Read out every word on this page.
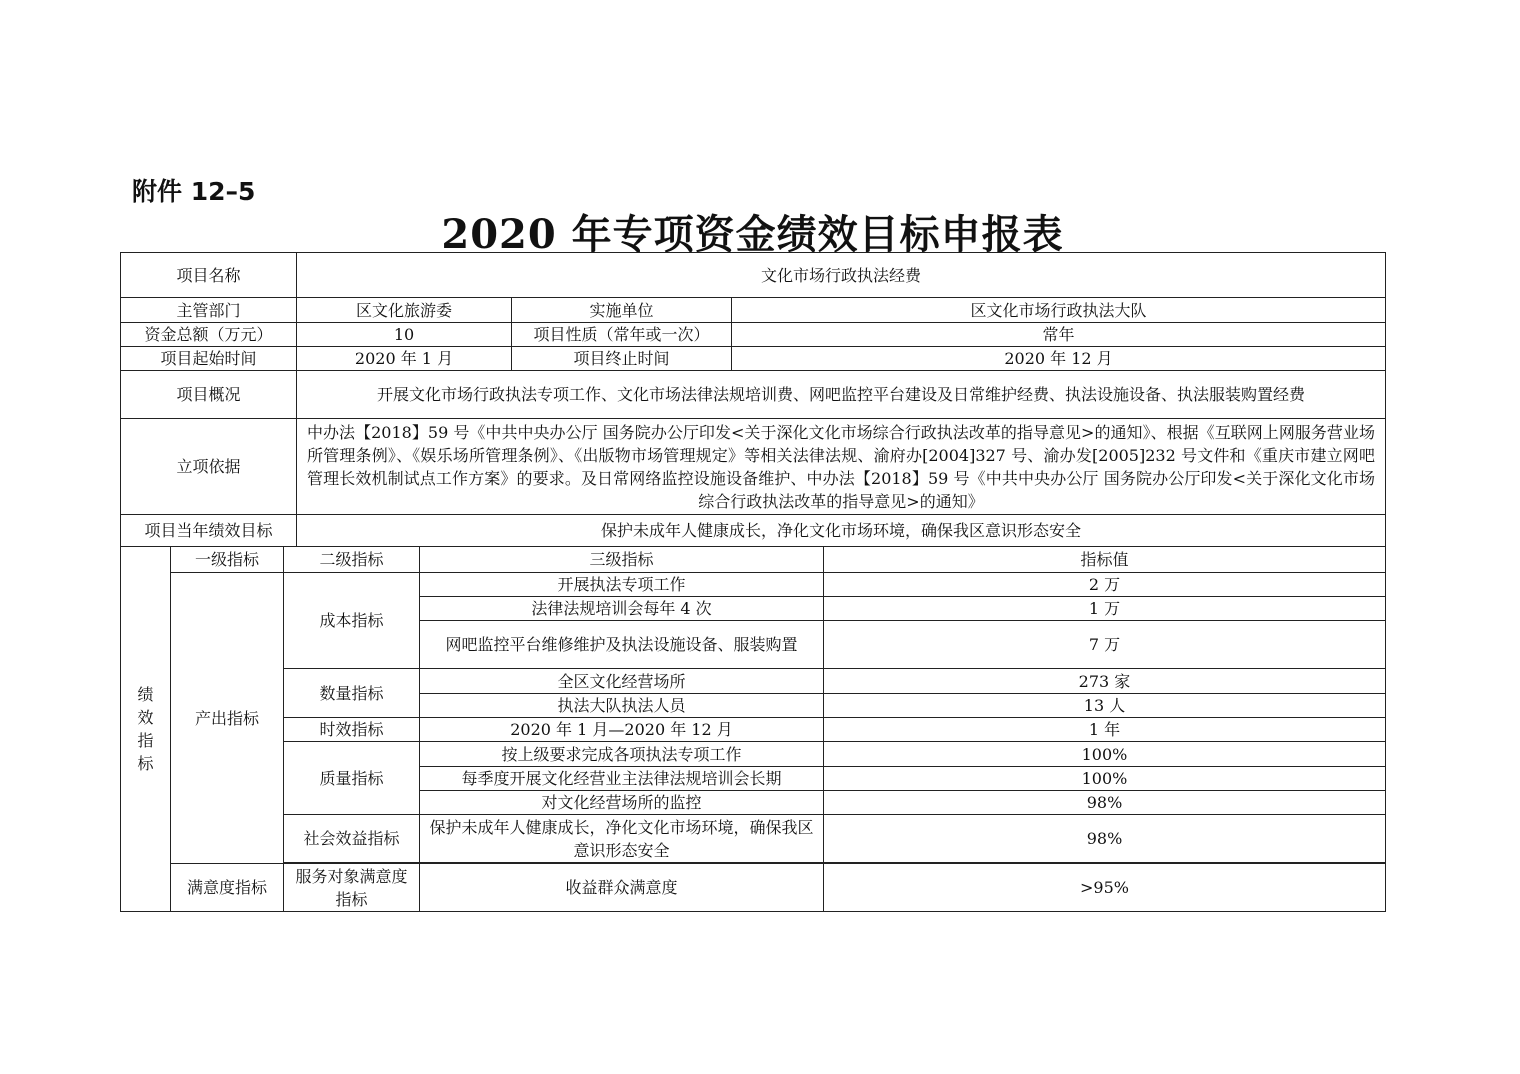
附件 12–5
2020 年专项资金绩效目标申报表
项目名称	文化市场行政执法经费		
主管部门	区文化旅游委	实施单位	区文化市场行政执法大队
资金总额（万元）	10	项目性质（常年或一次）	常年
项目起始时间	2020 年 1 月	项目终止时间	2020 年 12 月
项目概况	开展文化市场行政执法专项工作、文化市场法律法规培训费、网吧监控平台建设及日常维护经费、执法设施设备、执法服装购置经费		
立项依据	中办法【2018】59 号《中共中央办公厅 国务院办公厅印发<关于深化文化市场综合行政执法改革的指导意见>的通知》、根据《互联网上网服务营业场所管理条例》、《娱乐场所管理条例》、《出版物市场管理规定》等相关法律法规、渝府办[2004]327 号、渝办发[2005]232 号文件和《重庆市建立网吧管理长效机制试点工作方案》的要求。及日常网络监控设施设备维护、中办法【2018】59 号《中共中央办公厅 国务院办公厅印发<关于深化文化市场综合行政执法改革的指导意见>的通知》		
项目当年绩效目标	保护未成年人健康成长，净化文化市场环境，确保我区意识形态安全		
绩
效
指
标	一级指标	二级指标	三级指标	指标值
	产出指标	成本指标	开展执法专项工作	2 万
			法律法规培训会每年 4 次	1 万
			网吧监控平台维修维护及执法设施设备、服装购置	7 万
		数量指标	全区文化经营场所	273 家
			执法大队执法人员	13 人
		时效指标	2020 年 1 月—2020 年 12 月	1 年
		质量指标	按上级要求完成各项执法专项工作	100%
			每季度开展文化经营业主法律法规培训会长期	100%
			对文化经营场所的监控	98%
		社会效益指标	保护未成年人健康成长，净化文化市场环境，确保我区意识形态安全	98%

	满意度指标	服务对象满意度指标	收益群众满意度	>95%
